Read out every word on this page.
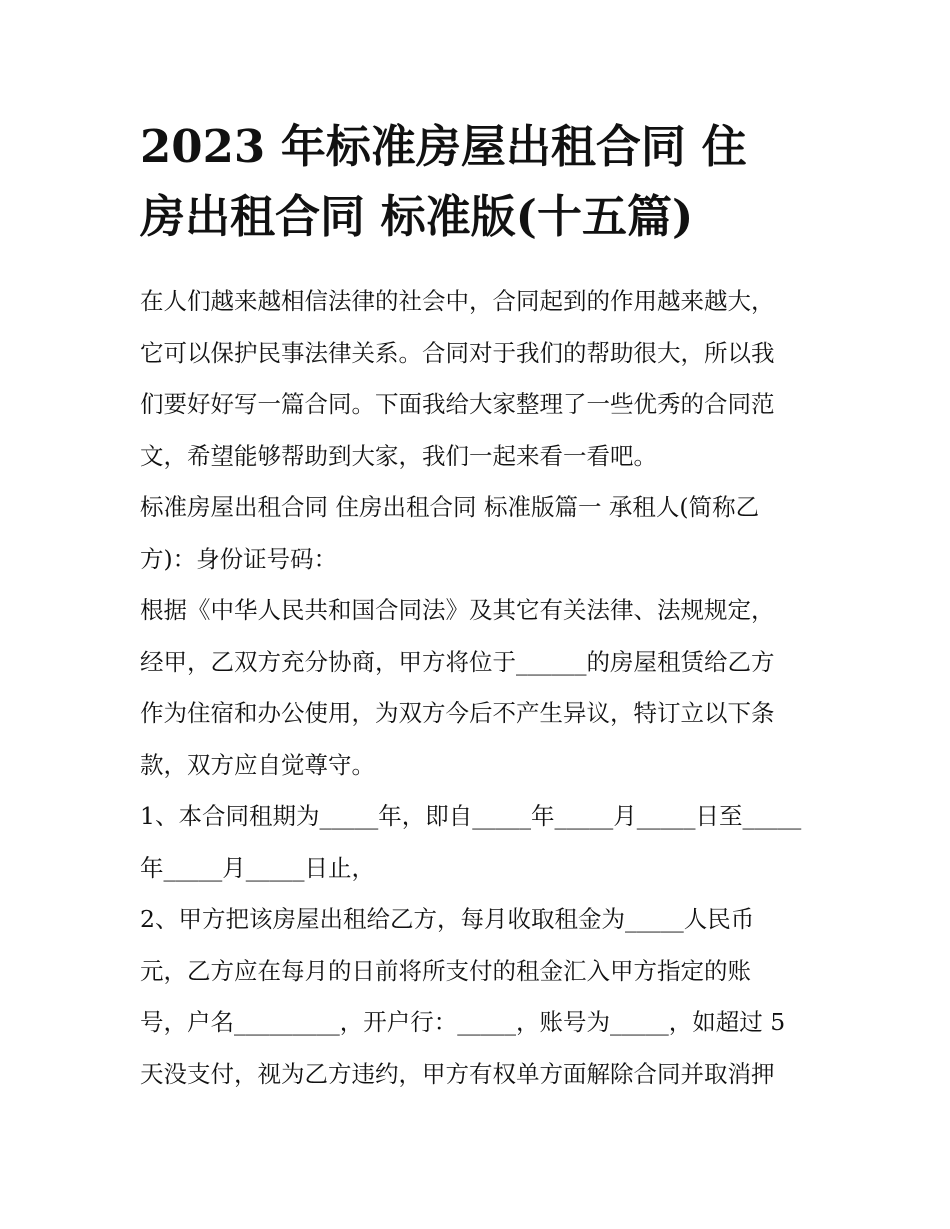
2023 年标准房屋出租合同 住
房出租合同 标准版(十五篇)

在人们越来越相信法律的社会中，合同起到的作用越来越大，
它可以保护民事法律关系。合同对于我们的帮助很大，所以我
们要好好写一篇合同。下面我给大家整理了一些优秀的合同范
文，希望能够帮助到大家，我们一起来看一看吧。

标准房屋出租合同 住房出租合同 标准版篇一 承租人(简称乙
方)：身份证号码：

根据《中华人民共和国合同法》及其它有关法律、法规规定，
经甲，乙双方充分协商，甲方将位于______的房屋租赁给乙方
作为住宿和办公使用，为双方今后不产生异议，特订立以下条
款，双方应自觉尊守。

1、本合同租期为_____年，即自_____年_____月_____日至_____
年_____月_____日止，

2、甲方把该房屋出租给乙方，每月收取租金为_____人民币
元，乙方应在每月的日前将所支付的租金汇入甲方指定的账
号，户名_________，开户行：_____，账号为_____，如超过 5
天没支付，视为乙方违约，甲方有权单方面解除合同并取消押
